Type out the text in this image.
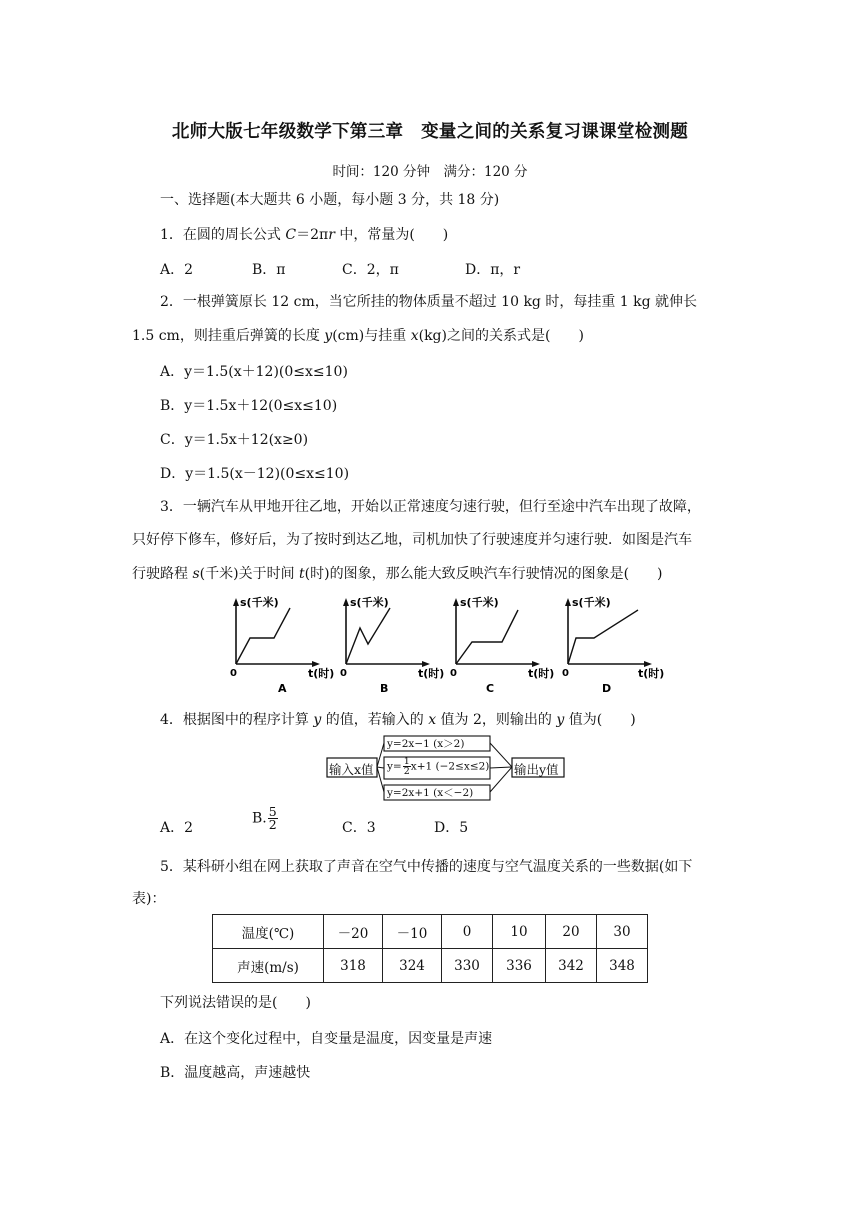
北师大版七年级数学下第三章　变量之间的关系复习课课堂检测题
时间：120 分钟　满分：120 分
一、选择题(本大题共 6 小题，每小题 3 分，共 18 分)
1．在圆的周长公式 C＝2πr 中，常量为(　　)
A．2	B．π	C．2，π	D．π，r
2．一根弹簧原长 12 cm，当它所挂的物体质量不超过 10 kg 时，每挂重 1 kg 就伸长
1.5 cm，则挂重后弹簧的长度 y(cm)与挂重 x(kg)之间的关系式是(　　)
A．y＝1.5(x＋12)(0≤x≤10)
B．y＝1.5x＋12(0≤x≤10)
C．y＝1.5x＋12(x≥0)
D．y＝1.5(x－12)(0≤x≤10)
3．一辆汽车从甲地开往乙地，开始以正常速度匀速行驶，但行至途中汽车出现了故障，
只好停下修车，修好后，为了按时到达乙地，司机加快了行驶速度并匀速行驶．如图是汽车
行驶路程 s(千米)关于时间 t(时)的图象，那么能大致反映汽车行驶情况的图象是(　　)
s(千米)
0	t(时)
A
s(千米)
0	t(时)
B
s(千米)
0	t(时)
C
s(千米)
0	t(时)
D
4．根据图中的程序计算 y 的值，若输入的 x 值为 2，则输出的 y 值为(　　)
输入x值	输出y值
y=2x−1 (x＞2)
$y= \frac{1}{2} x+1$ (−2≤x≤2)
y=2x+1 (x＜−2)
A．2
B. $\frac{5}{2}$	C．3	D．5
5．某科研小组在网上获取了声音在空气中传播的速度与空气温度关系的一些数据(如下
表)：
温度(℃)	－20	－10	0	10	20	30
声速(m/s)	318	324	330	336	342	348
下列说法错误的是(　　)
A．在这个变化过程中，自变量是温度，因变量是声速
B．温度越高，声速越快
